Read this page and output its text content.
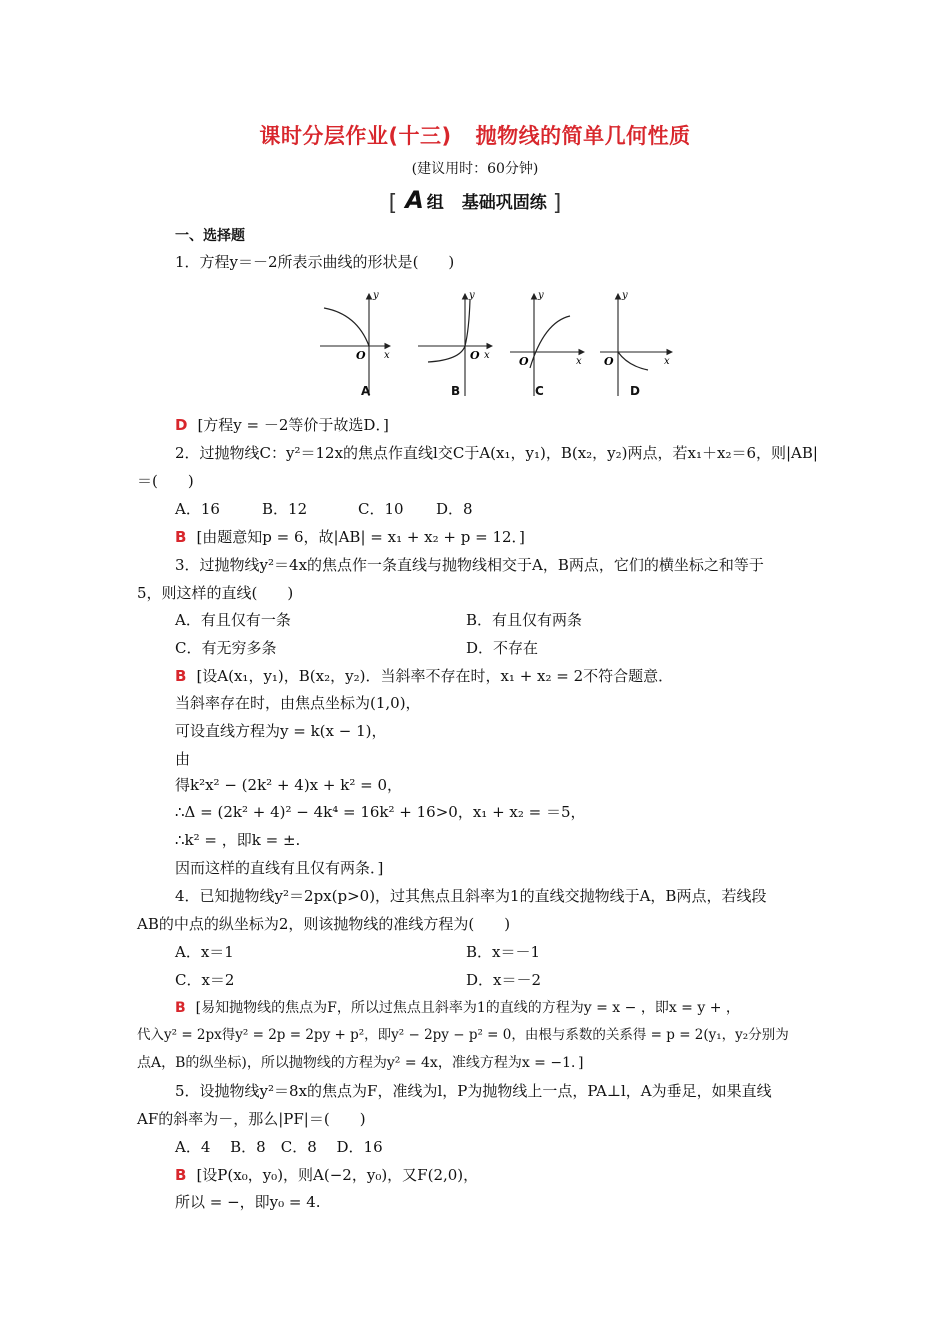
课时分层作业(十三) 抛物线的简单几何性质
(建议用时：60分钟)
[ A 组 基础巩固练 ]
一、选择题
1．方程y＝－2所表示曲线的形状是(　　)
y
x
O
y
x
O
y
x
O
y
x
O
A	B	C	D
D [方程y = －2等价于故选D．]
2．过抛物线C：y²＝12x的焦点作直线l交C于A(x₁，y₁)，B(x₂，y₂)两点，若x₁＋x₂＝6，则|AB|
＝(　　)
A．16	B．12	C．10 D．8
B [由题意知p = 6，故|AB| = x₁ + x₂ + p = 12．]
3．过抛物线y²＝4x的焦点作一条直线与抛物线相交于A，B两点，它们的横坐标之和等于
5，则这样的直线(　　)
A．有且仅有一条	B．有且仅有两条
C．有无穷多条	D．不存在
B [设A(x₁，y₁)，B(x₂，y₂)．当斜率不存在时，x₁ + x₂ = 2不符合题意．
当斜率存在时，由焦点坐标为(1,0)，
可设直线方程为y = k(x − 1)，
由
得k²x² − (2k² + 4)x + k² = 0，
∴Δ = (2k² + 4)² − 4k⁴ = 16k² + 16>0，x₁ + x₂ = ＝5，
∴k² = ，即k = ±.
因而这样的直线有且仅有两条．]
4．已知抛物线y²＝2px(p>0)，过其焦点且斜率为1的直线交抛物线于A，B两点，若线段
AB的中点的纵坐标为2，则该抛物线的准线方程为(　　)
A．x＝1	B．x＝－1
C．x＝2	D．x＝－2
B [易知抛物线的焦点为F，所以过焦点且斜率为1的直线的方程为y = x − ，即x = y + ，
代入y² = 2px得y² = 2p = 2py + p²，即y² − 2py − p² = 0，由根与系数的关系得 = p = 2(y₁，y₂分别为
点A，B的纵坐标)，所以抛物线的方程为y² = 4x，准线方程为x = −1．]
5．设抛物线y²＝8x的焦点为F，准线为l，P为抛物线上一点，PA⊥l，A为垂足，如果直线
AF的斜率为－，那么|PF|＝(　　)
A．4　 B．8　C．8　 D．16
B [设P(x₀，y₀)，则A(−2，y₀)，又F(2,0)，
所以 = −，即y₀ = 4.
